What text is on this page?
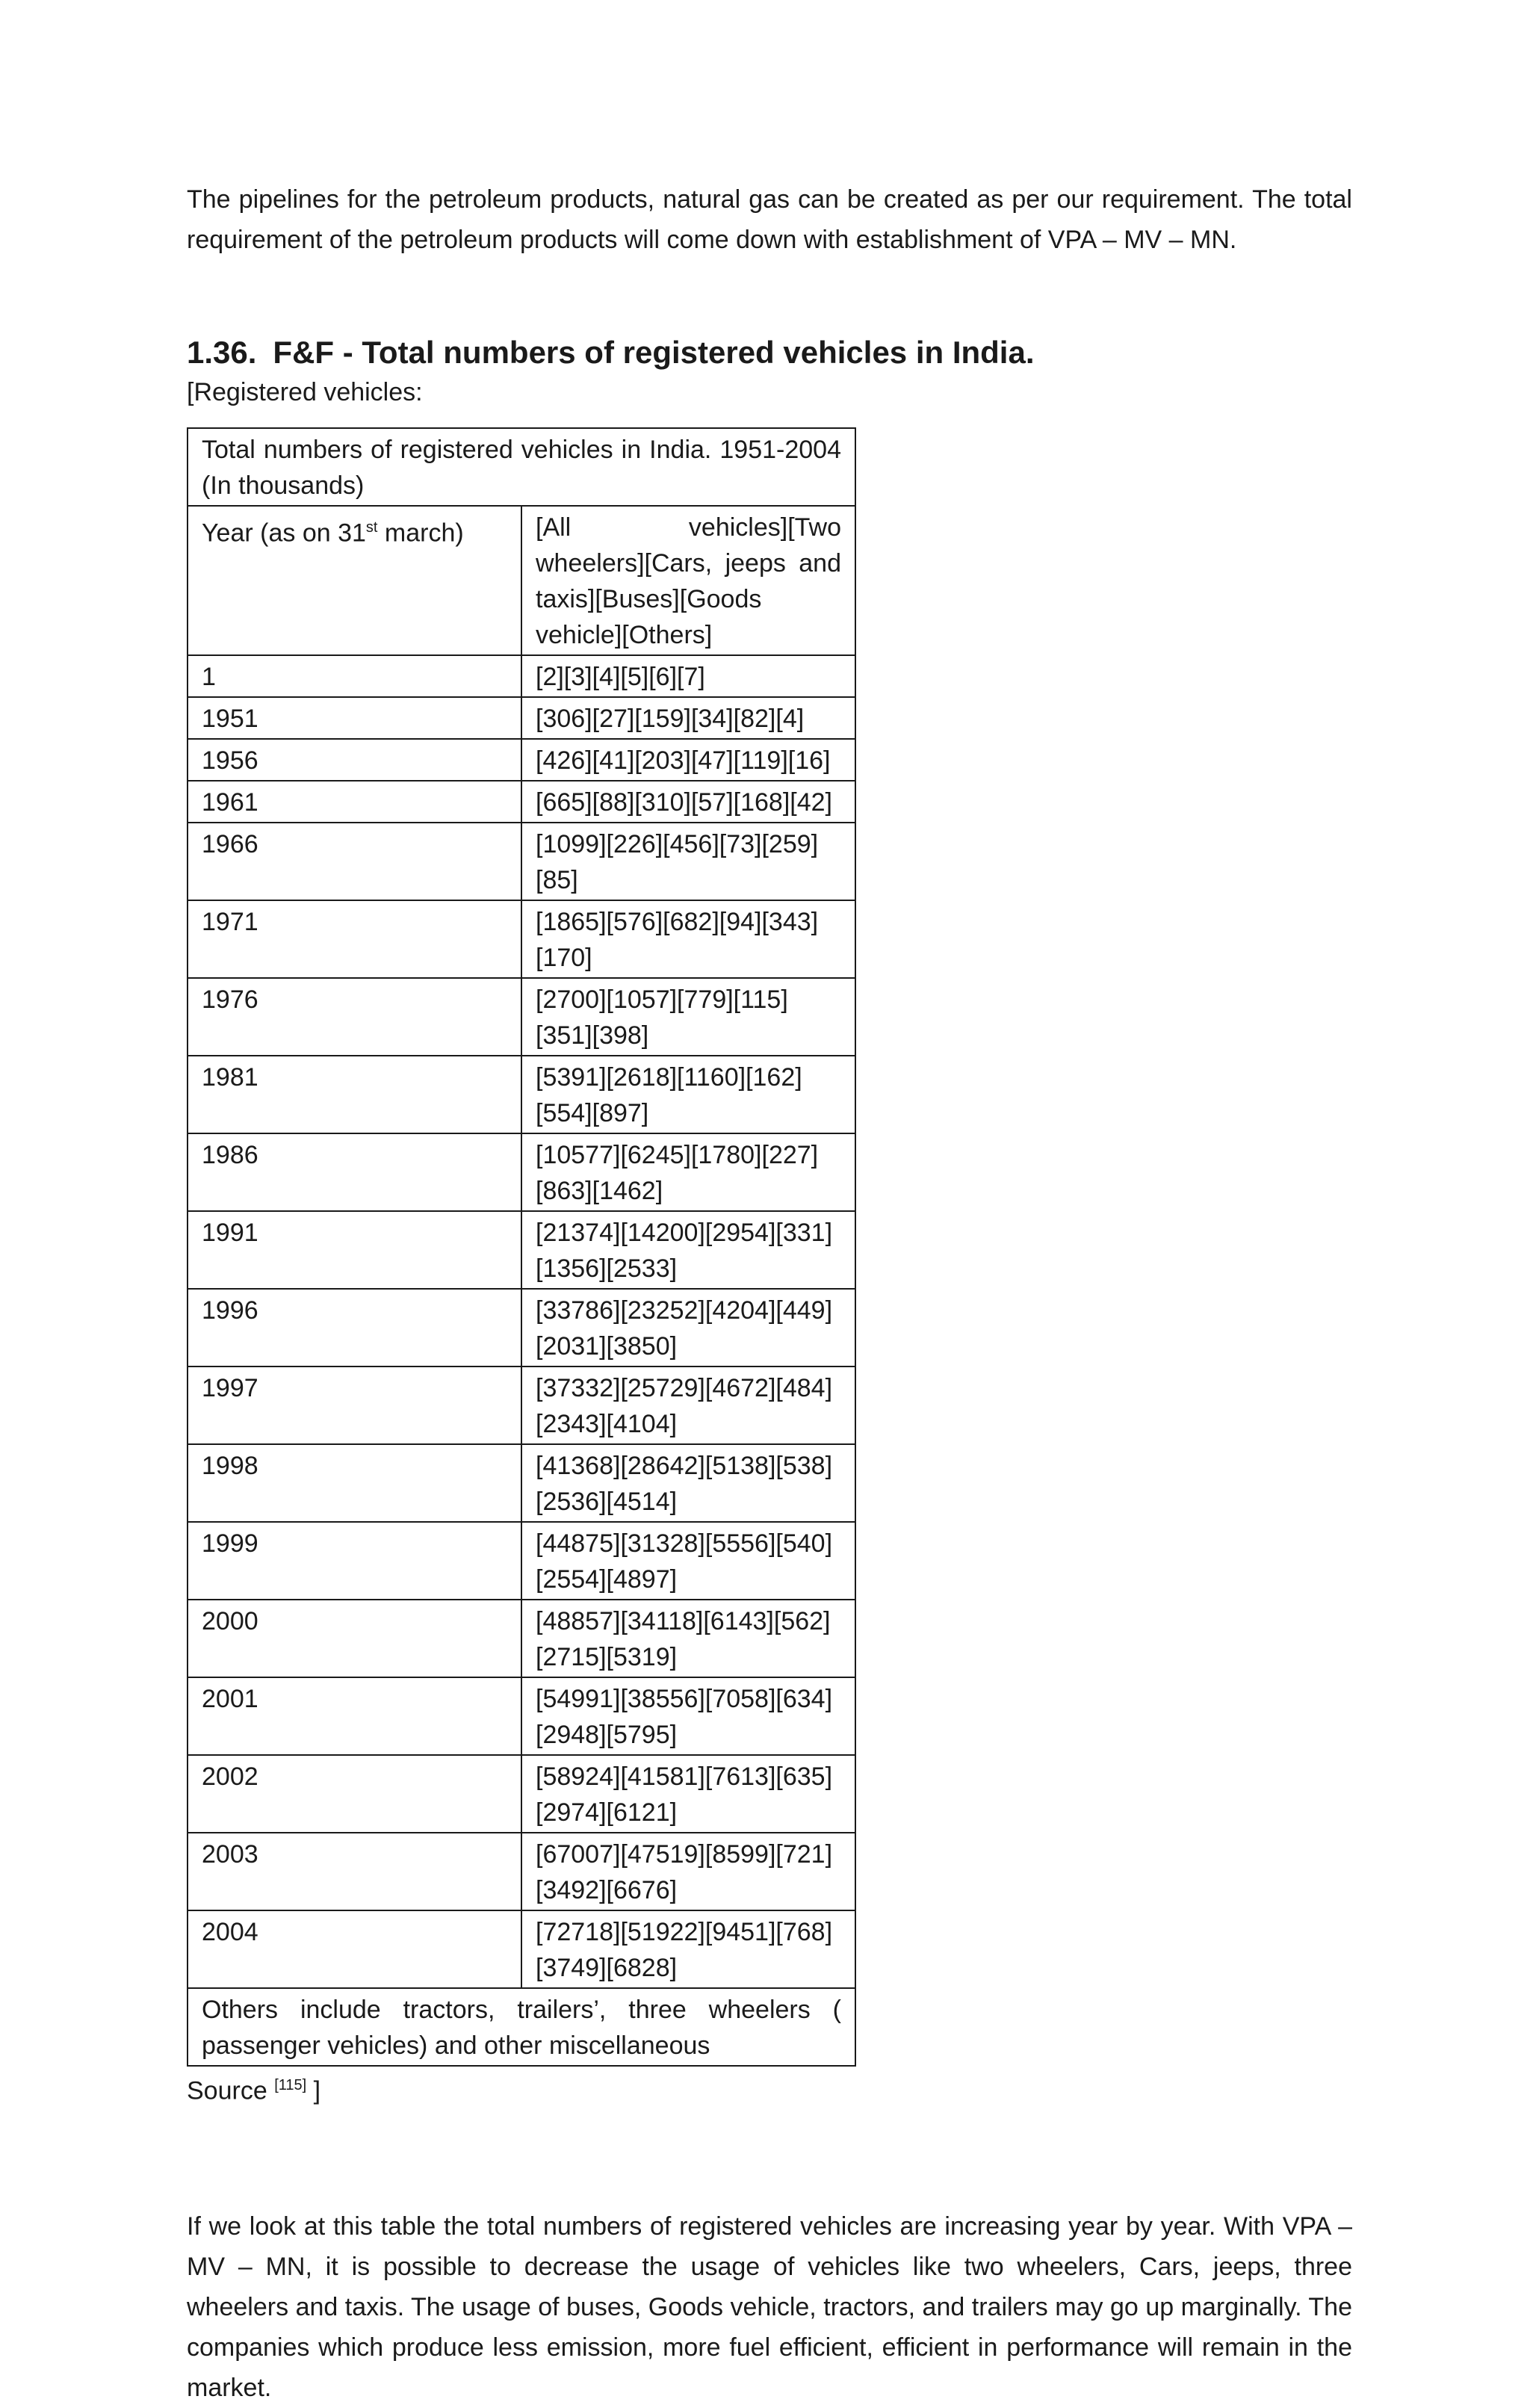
The pipelines for the petroleum products, natural gas can be created as per our requirement. The total requirement of the petroleum products will come down with establishment of VPA – MV – MN.

1.36. F&F - Total numbers of registered vehicles in India.

[Registered vehicles:

Total numbers of registered vehicles in India. 1951-2004 (In thousands)	
Year (as on 31st march)	[All vehicles][Two wheelers][Cars, jeeps and taxis][Buses][Goods vehicle][Others]
1	[2][3][4][5][6][7]
1951	[306][27][159][34][82][4]
1956	[426][41][203][47][119][16]
1961	[665][88][310][57][168][42]
1966	[1099][226][456][73][259][85]
1971	[1865][576][682][94][343][170]
1976	[2700][1057][779][115][351][398]
1981	[5391][2618][1160][162][554][897]
1986	[10577][6245][1780][227][863][1462]
1991	[21374][14200][2954][331][1356][2533]
1996	[33786][23252][4204][449][2031][3850]
1997	[37332][25729][4672][484][2343][4104]
1998	[41368][28642][5138][538][2536][4514]
1999	[44875][31328][5556][540][2554][4897]
2000	[48857][34118][6143][562][2715][5319]
2001	[54991][38556][7058][634][2948][5795]
2002	[58924][41581][7613][635][2974][6121]
2003	[67007][47519][8599][721][3492][6676]
2004	[72718][51922][9451][768][3749][6828]
Others include tractors, trailers’, three wheelers ( passenger vehicles) and other miscellaneous	

Source [115] ]

If we look at this table the total numbers of registered vehicles are increasing year by year. With VPA – MV – MN, it is possible to decrease the usage of vehicles like two wheelers, Cars, jeeps, three wheelers and taxis. The usage of buses, Goods vehicle, tractors, and trailers may go up marginally. The companies which produce less emission, more fuel efficient, efficient in performance will remain in the market.
